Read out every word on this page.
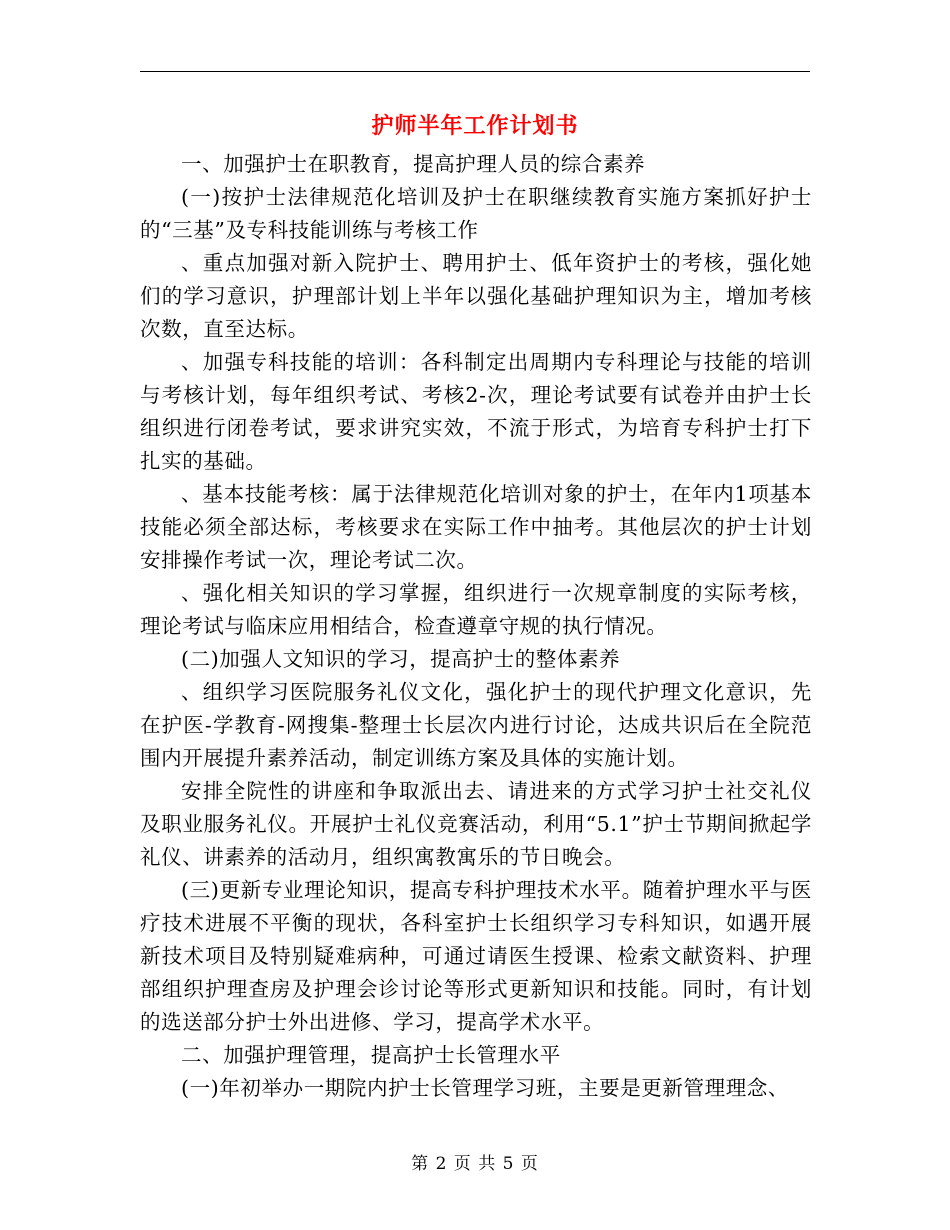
护师半年工作计划书

一、加强护士在职教育，提高护理人员的综合素养

(一)按护士法律规范化培训及护士在职继续教育实施方案抓好护士的“三基”及专科技能训练与考核工作

、重点加强对新入院护士、聘用护士、低年资护士的考核，强化她们的学习意识，护理部计划上半年以强化基础护理知识为主，增加考核次数，直至达标。

、加强专科技能的培训：各科制定出周期内专科理论与技能的培训与考核计划，每年组织考试、考核2-次，理论考试要有试卷并由护士长组织进行闭卷考试，要求讲究实效，不流于形式，为培育专科护士打下扎实的基础。

、基本技能考核：属于法律规范化培训对象的护士，在年内1项基本技能必须全部达标，考核要求在实际工作中抽考。其他层次的护士计划安排操作考试一次，理论考试二次。

、强化相关知识的学习掌握，组织进行一次规章制度的实际考核，理论考试与临床应用相结合，检查遵章守规的执行情况。

(二)加强人文知识的学习，提高护士的整体素养

、组织学习医院服务礼仪文化，强化护士的现代护理文化意识，先在护医-学教育-网搜集-整理士长层次内进行讨论，达成共识后在全院范围内开展提升素养活动，制定训练方案及具体的实施计划。

安排全院性的讲座和争取派出去、请进来的方式学习护士社交礼仪及职业服务礼仪。开展护士礼仪竞赛活动，利用“5.1”护士节期间掀起学礼仪、讲素养的活动月，组织寓教寓乐的节日晚会。

(三)更新专业理论知识，提高专科护理技术水平。随着护理水平与医疗技术进展不平衡的现状，各科室护士长组织学习专科知识，如遇开展新技术项目及特别疑难病种，可通过请医生授课、检索文献资料、护理部组织护理查房及护理会诊讨论等形式更新知识和技能。同时，有计划的选送部分护士外出进修、学习，提高学术水平。

二、加强护理管理，提高护士长管理水平

(一)年初举办一期院内护士长管理学习班，主要是更新管理理念、

第 2 页 共 5 页
